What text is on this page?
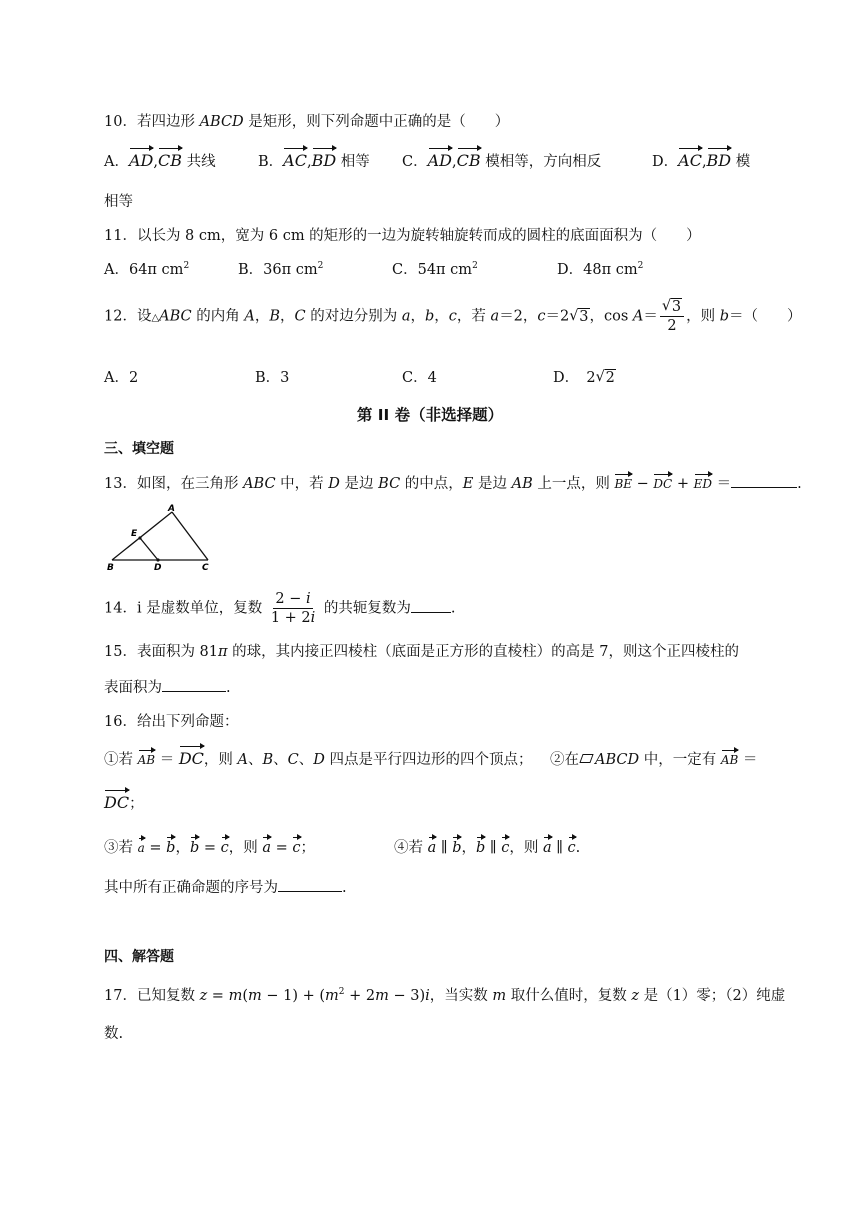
10．若四边形 ABCD 是矩形，则下列命题中正确的是（　　）
A．AD,CB 共线	B．AC,BD 相等 C．AD,CB 模相等，方向相反	D．AC,BD 模
相等
11．以长为 8 cm，宽为 6 cm 的矩形的一边为旋转轴旋转而成的圆柱的底面面积为（　　）
A．64π $cm^2$	B．36π $cm^2$	C．54π $cm^2$	D．48π $cm^2$
12．设△ABC 的内角 A，B，C 的对边分别为 a，b，c，若 a＝2，c＝2 √ 3，cos A＝ √ $\frac{3}{2}$ ，则 b＝（　　）
A．2	B．3	C．4	D．　2 √ 2
第 II 卷（非选择题）
三、填空题
13．如图，在三角形 ABC 中，若 D 是边 BC 的中点，E 是边 AB 上一点，则 BE − DC + ED ＝	.
A
E
B	D	C
14．i 是虚数单位，复数 $\frac{2 - i}{1 + 2i}$ 的共轭复数为	.
15．表面积为 81π 的球，其内接正四棱柱（底面是正方形的直棱柱）的高是 7，则这个正四棱柱的
表面积为	.
16．给出下列命题：
①若 AB ＝ DC，则 A、B、C、D 四点是平行四边形的四个顶点； ②在 ABCD 中，一定有 AB ＝
DC；
③若 a = b，b = c，则 a = c；	④若 a ∥ b，b ∥ c，则 a ∥ c.
其中所有正确命题的序号为	.
四、解答题
17．已知复数 $z = m(m - 1) + (m^2 + 2m - 3)i$，当实数 m 取什么值时，复数 z 是（1）零；（2）纯虚
数.
